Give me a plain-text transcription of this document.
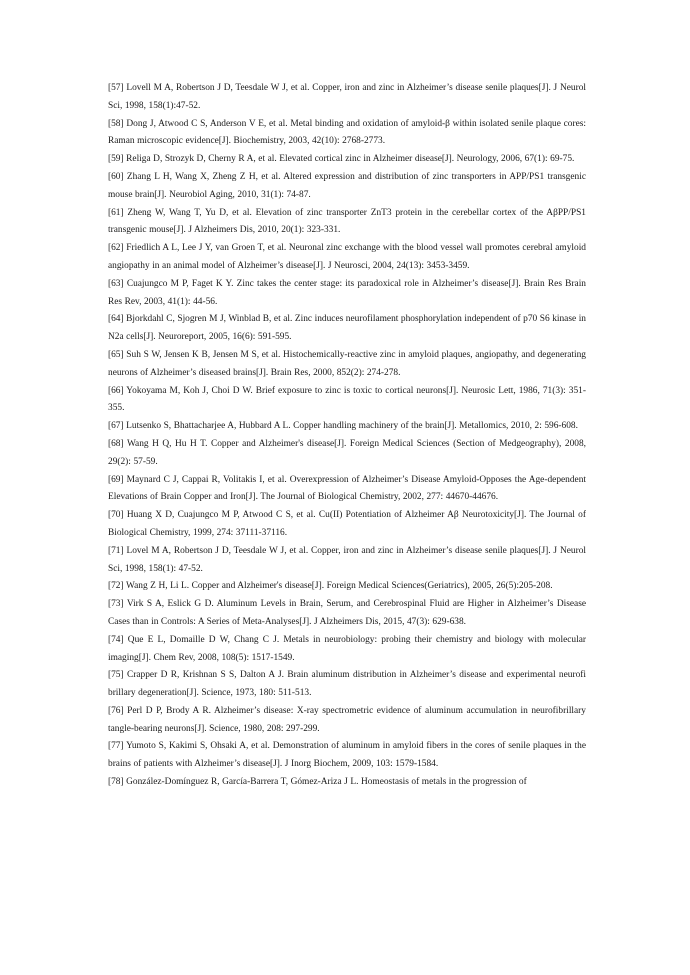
[57] Lovell M A, Robertson J D, Teesdale W J, et al. Copper, iron and zinc in Alzheimer’s disease senile plaques[J]. J Neurol Sci, 1998, 158(1):47-52.
[58] Dong J, Atwood C S, Anderson V E, et al. Metal binding and oxidation of amyloid-β within isolated senile plaque cores: Raman microscopic evidence[J]. Biochemistry, 2003, 42(10): 2768-2773.
[59] Religa D, Strozyk D, Cherny R A, et al. Elevated cortical zinc in Alzheimer disease[J]. Neurology, 2006, 67(1): 69-75.
[60] Zhang L H, Wang X, Zheng Z H, et al. Altered expression and distribution of zinc transporters in APP/PS1 transgenic mouse brain[J]. Neurobiol Aging, 2010, 31(1): 74-87.
[61] Zheng W, Wang T, Yu D, et al. Elevation of zinc transporter ZnT3 protein in the cerebellar cortex of the AβPP/PS1 transgenic mouse[J]. J Alzheimers Dis, 2010, 20(1): 323-331.
[62] Friedlich A L, Lee J Y, van Groen T, et al. Neuronal zinc exchange with the blood vessel wall promotes cerebral amyloid angiopathy in an animal model of Alzheimer’s disease[J]. J Neurosci, 2004, 24(13): 3453-3459.
[63] Cuajungco M P, Faget K Y. Zinc takes the center stage: its paradoxical role in Alzheimer’s disease[J]. Brain Res Brain Res Rev, 2003, 41(1): 44-56.
[64] Bjorkdahl C, Sjogren M J, Winblad B, et al. Zinc induces neurofilament phosphorylation independent of p70 S6 kinase in N2a cells[J]. Neuroreport, 2005, 16(6): 591-595.
[65] Suh S W, Jensen K B, Jensen M S, et al. Histochemically-reactive zinc in amyloid plaques, angiopathy, and degenerating neurons of Alzheimer’s diseased brains[J]. Brain Res, 2000, 852(2): 274-278.
[66] Yokoyama M, Koh J, Choi D W. Brief exposure to zinc is toxic to cortical neurons[J]. Neurosic Lett, 1986, 71(3): 351-355.
[67] Lutsenko S, Bhattacharjee A, Hubbard A L. Copper handling machinery of the brain[J]. Metallomics, 2010, 2: 596-608.
[68] Wang H Q, Hu H T. Copper and Alzheimer's disease[J]. Foreign Medical Sciences (Section of Medgeography), 2008, 29(2): 57-59.
[69] Maynard C J, Cappai R, Volitakis I, et al. Overexpression of Alzheimer’s Disease Amyloid-Opposes the Age-dependent Elevations of Brain Copper and Iron[J]. The Journal of Biological Chemistry, 2002, 277: 44670-44676.
[70] Huang X D, Cuajungco M P, Atwood C S, et al. Cu(II) Potentiation of Alzheimer Aβ Neurotoxicity[J]. The Journal of Biological Chemistry, 1999, 274: 37111-37116.
[71] Lovel M A, Robertson J D, Teesdale W J, et al. Copper, iron and zinc in Alzheimer’s disease senile plaques[J]. J Neurol Sci, 1998, 158(1): 47-52.
[72] Wang Z H, Li L. Copper and Alzheimer's disease[J]. Foreign Medical Sciences(Geriatrics), 2005, 26(5):205-208.
[73] Virk S A, Eslick G D. Aluminum Levels in Brain, Serum, and Cerebrospinal Fluid are Higher in Alzheimer’s Disease Cases than in Controls: A Series of Meta-Analyses[J]. J Alzheimers Dis, 2015, 47(3): 629-638.
[74] Que E L, Domaille D W, Chang C J. Metals in neurobiology: probing their chemistry and biology with molecular imaging[J]. Chem Rev, 2008, 108(5): 1517-1549.
[75] Crapper D R, Krishnan S S, Dalton A J. Brain aluminum distribution in Alzheimer’s disease and experimental neurofi brillary degeneration[J]. Science, 1973, 180: 511-513.
[76] Perl D P, Brody A R. Alzheimer’s disease: X-ray spectrometric evidence of aluminum accumulation in neurofibrillary tangle-bearing neurons[J]. Science, 1980, 208: 297-299.
[77] Yumoto S, Kakimi S, Ohsaki A, et al. Demonstration of aluminum in amyloid fibers in the cores of senile plaques in the brains of patients with Alzheimer’s disease[J]. J Inorg Biochem, 2009, 103: 1579-1584.
[78] González-Domínguez R, García-Barrera T, Gómez-Ariza J L. Homeostasis of metals in the progression of
